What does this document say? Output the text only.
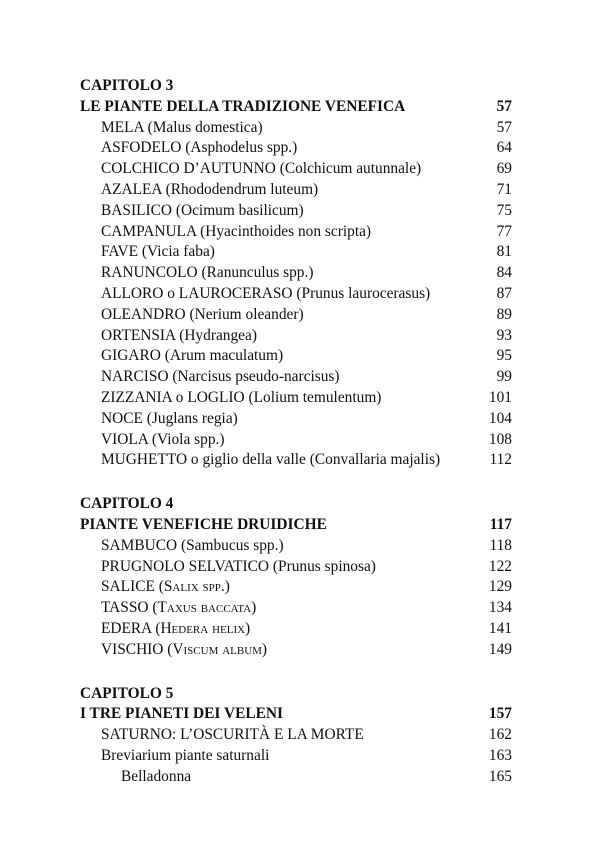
CAPITOLO 3
LE PIANTE DELLA TRADIZIONE VENEFICA	57
MELA (Malus domestica)	57
ASFODELO (Asphodelus spp.)	64
COLCHICO D’AUTUNNO (Colchicum autunnale)	69
AZALEA (Rhododendrum luteum)	71
BASILICO (Ocimum basilicum)	75
CAMPANULA (Hyacinthoides non scripta)	77
FAVE (Vicia faba)	81
RANUNCOLO (Ranunculus spp.)	84
ALLORO o LAUROCERASO (Prunus laurocerasus)	87
OLEANDRO (Nerium oleander)	89
ORTENSIA (Hydrangea)	93
GIGARO (Arum maculatum)	95
NARCISO (Narcisus pseudo-narcisus)	99
ZIZZANIA o LOGLIO (Lolium temulentum)	101
NOCE (Juglans regia)	104
VIOLA (Viola spp.)	108
MUGHETTO o giglio della valle (Convallaria majalis)	112
CAPITOLO 4
PIANTE VENEFICHE DRUIDICHE	117
SAMBUCO (Sambucus spp.)	118
PRUGNOLO SELVATICO (Prunus spinosa)	122
SALICE (Salix spp.)	129
TASSO (Taxus baccata)	134
EDERA (Hedera helix)	141
VISCHIO (Viscum album)	149
CAPITOLO 5
I TRE PIANETI DEI VELENI	157
SATURNO: L’OSCURITÀ E LA MORTE	162
Breviarium piante saturnali	163
Belladonna	165
